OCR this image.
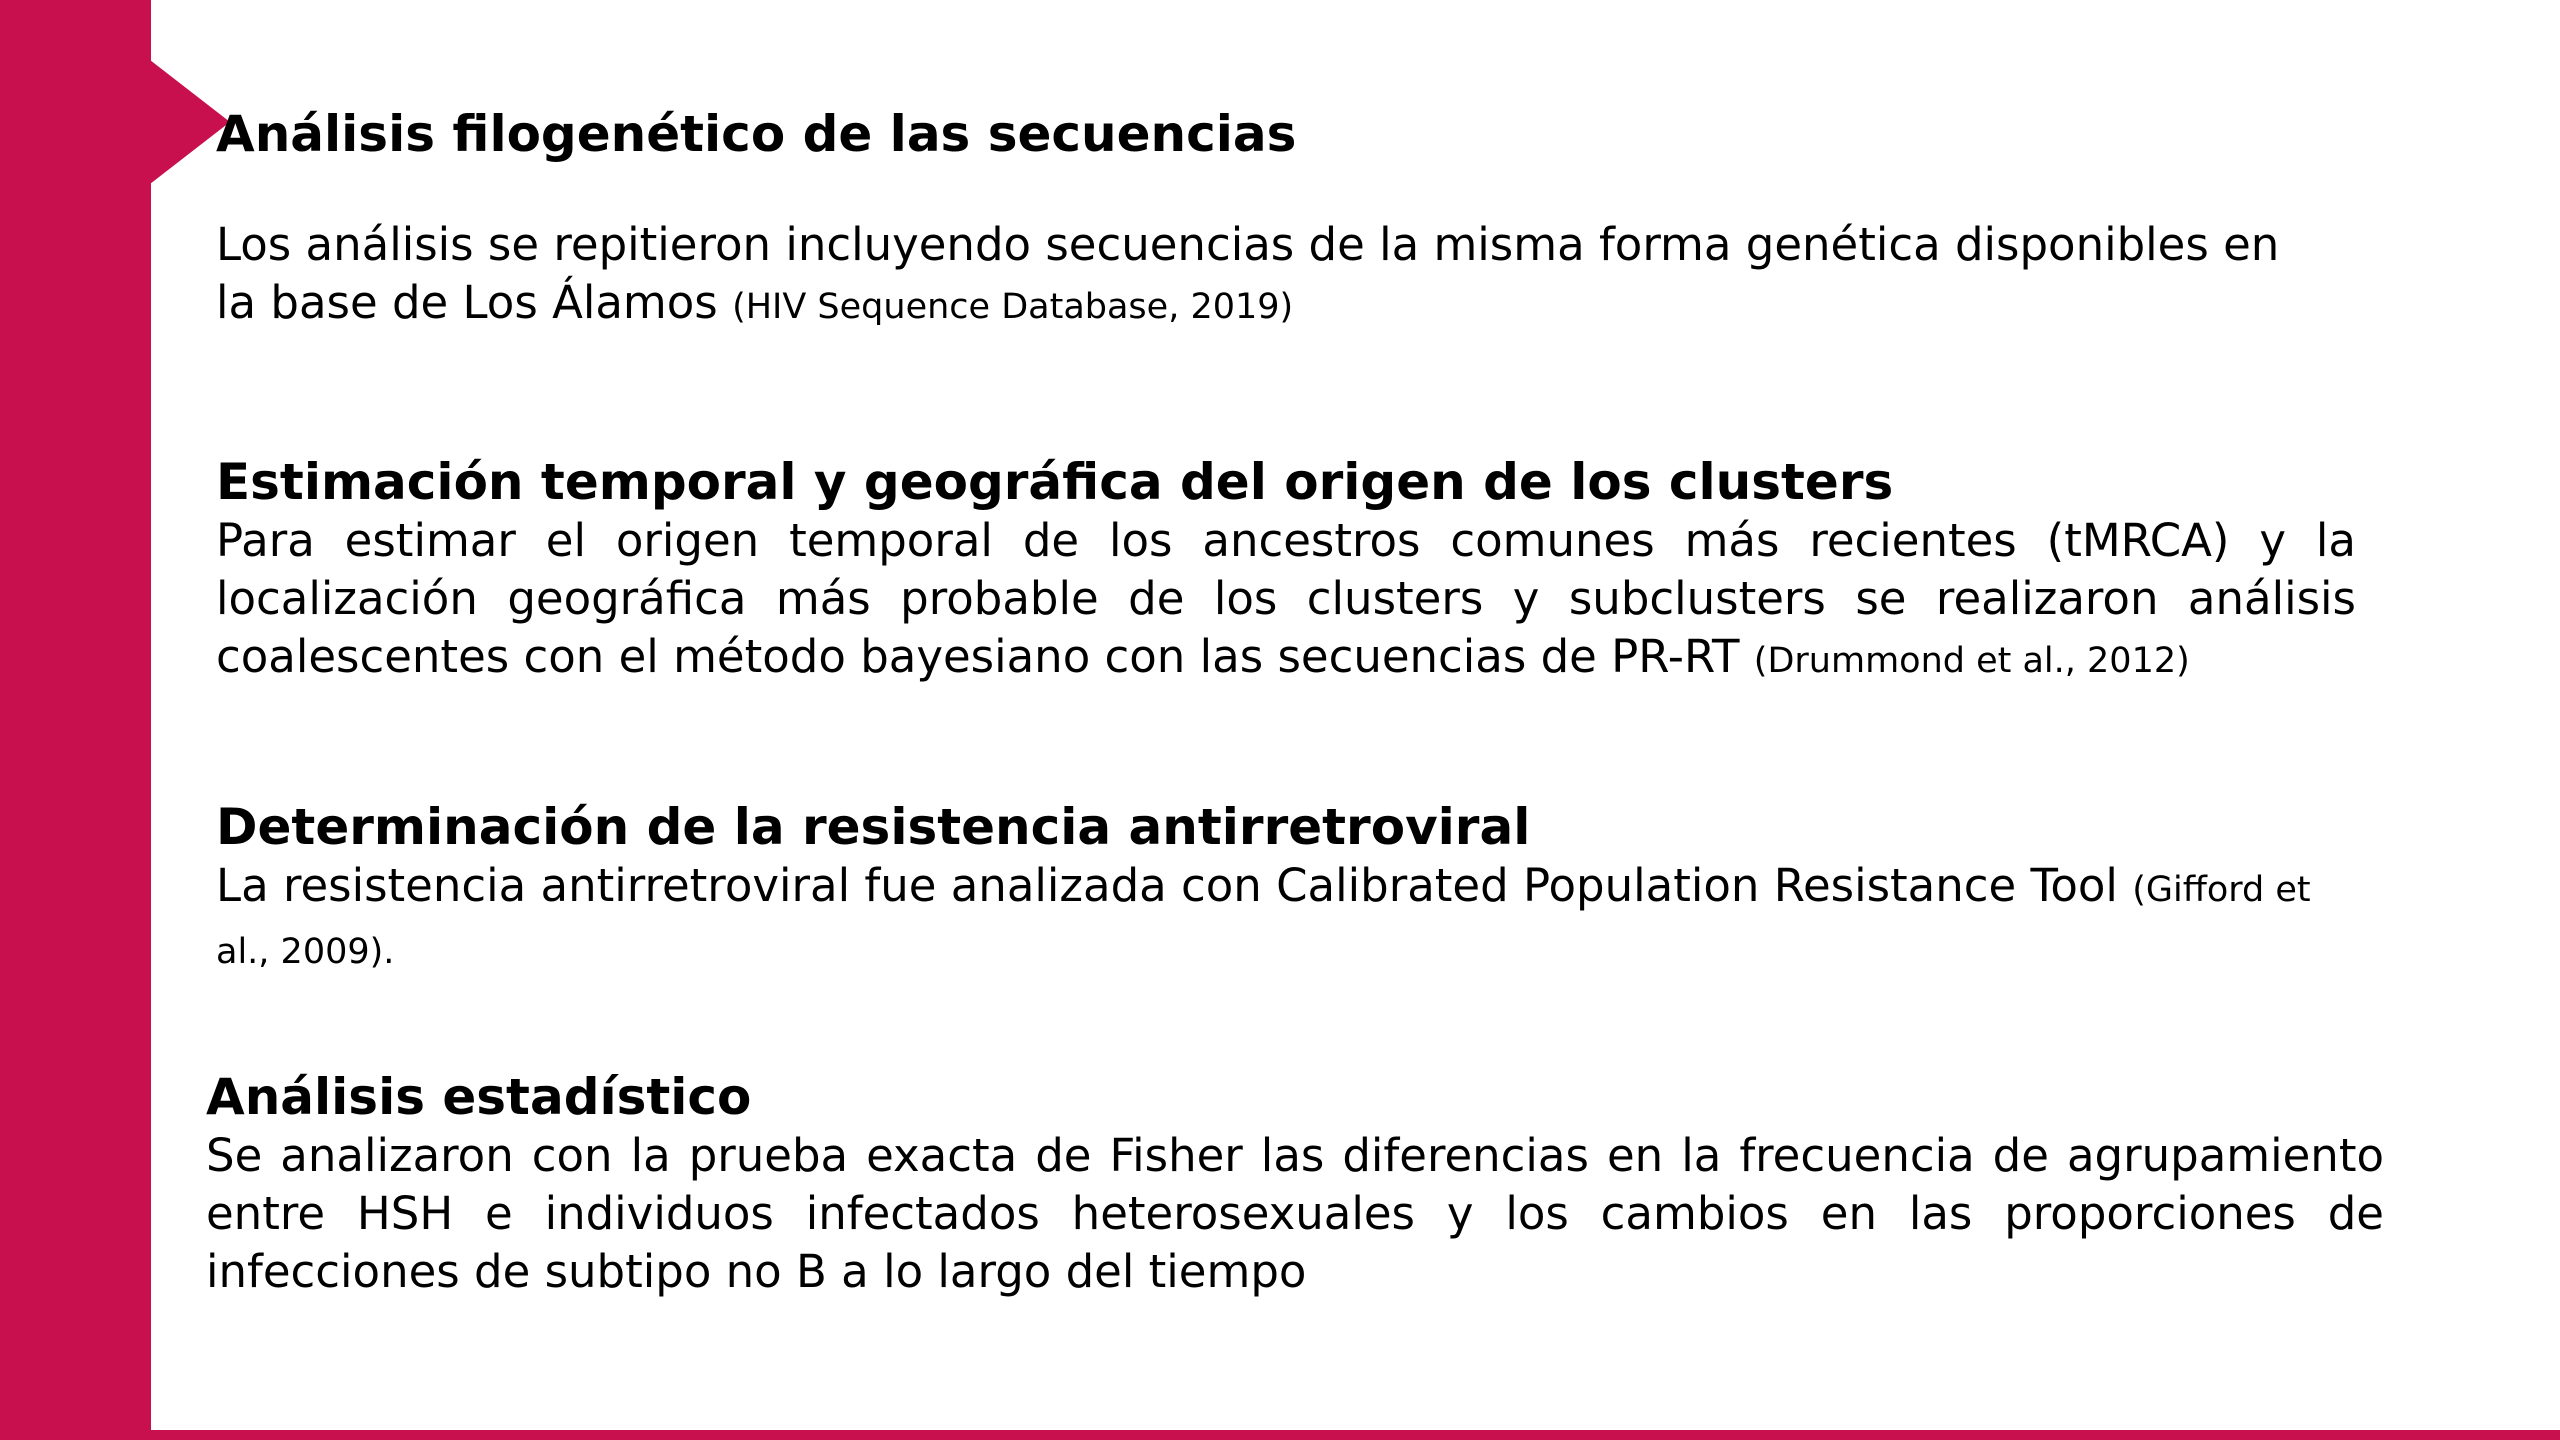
Análisis filogenético de las secuencias

Los análisis se repitieron incluyendo secuencias de la misma forma genética disponibles en la base de Los Álamos (HIV Sequence Database, 2019)

Estimación temporal y geográfica del origen de los clusters

Para estimar el origen temporal de los ancestros comunes más recientes (tMRCA) y la localización geográfica más probable de los clusters y subclusters se realizaron análisis coalescentes con el método bayesiano con las secuencias de PR-RT (Drummond et al., 2012)

Determinación de la resistencia antirretroviral

La resistencia antirretroviral fue analizada con Calibrated Population Resistance Tool (Gifford et al., 2009).

Análisis estadístico

Se analizaron con la prueba exacta de Fisher las diferencias en la frecuencia de agrupamiento entre HSH e individuos infectados heterosexuales y los cambios en las proporciones de infecciones de subtipo no B a lo largo del tiempo
